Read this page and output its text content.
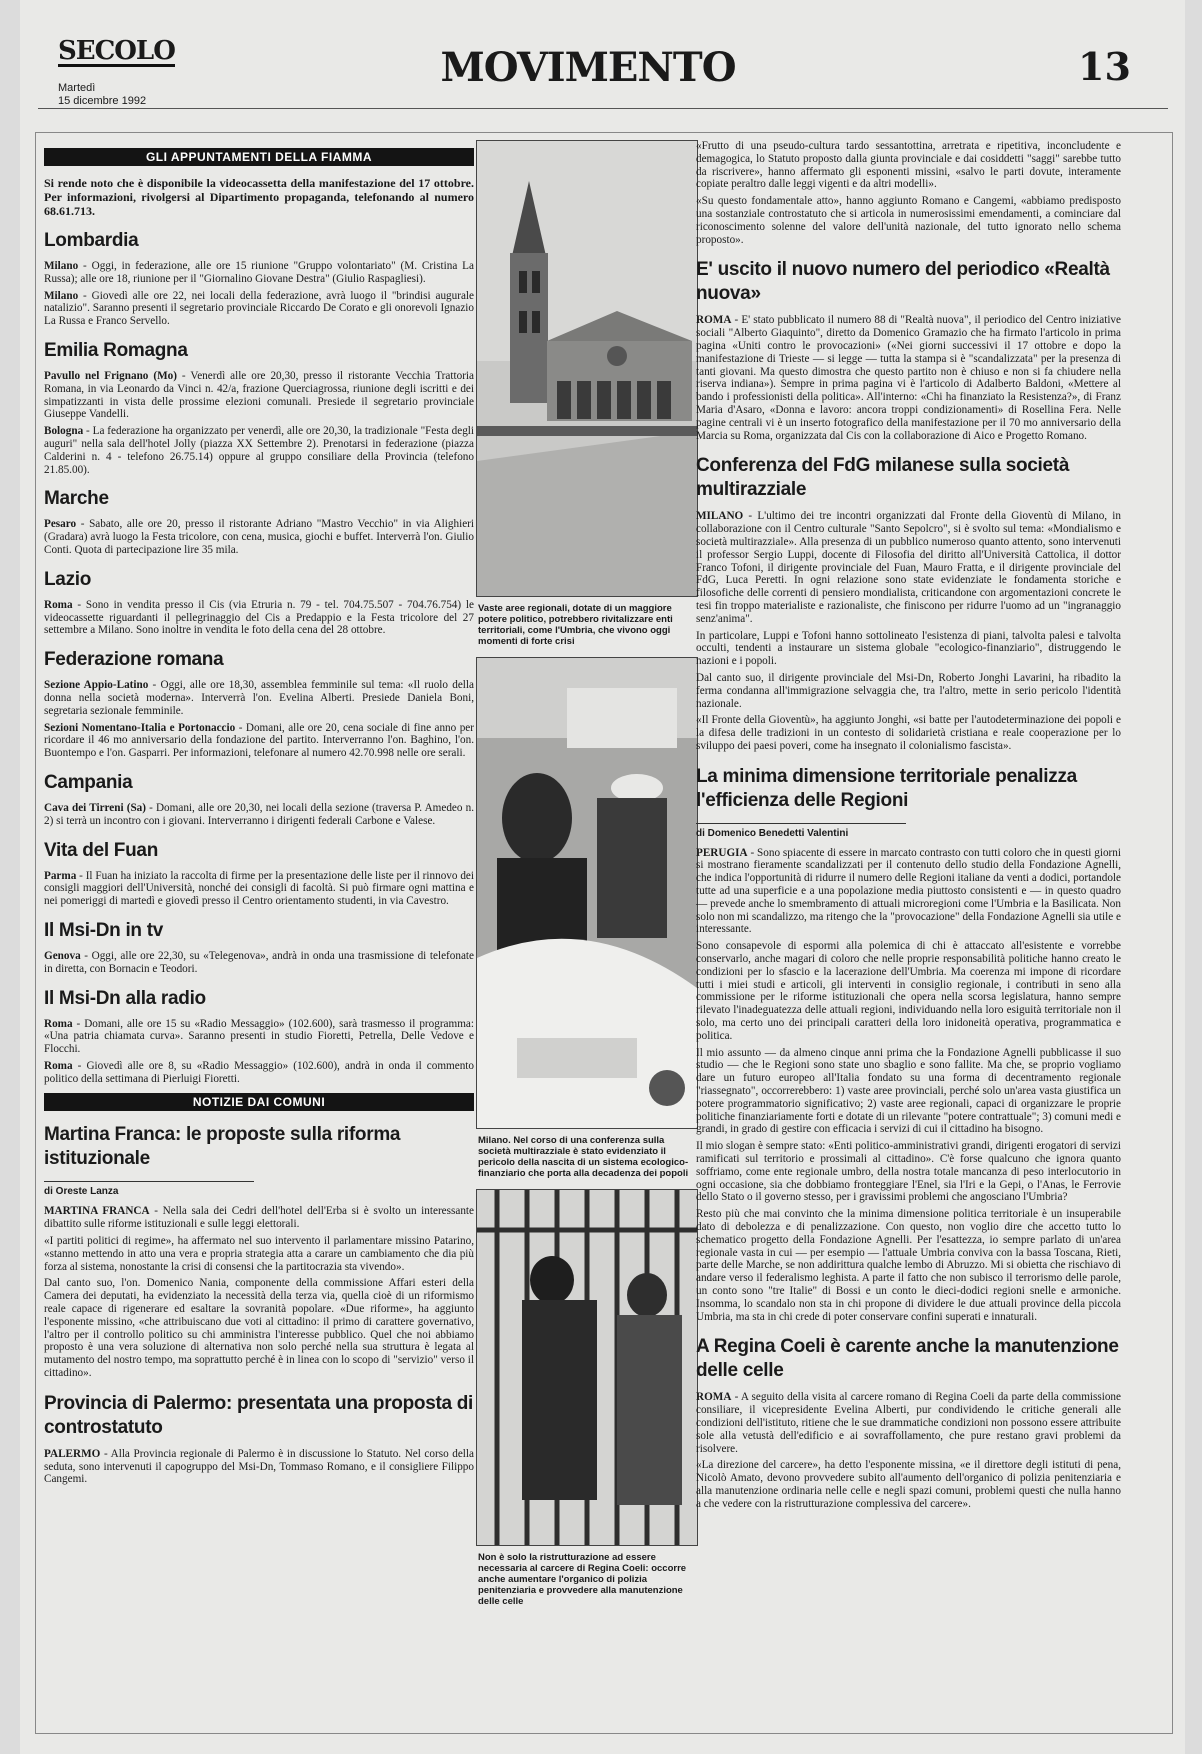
SECOLO
Martedì
15 dicembre 1992
MOVIMENTO	13
GLI APPUNTAMENTI DELLA FIAMMA

Si rende noto che è disponibile la videocassetta della manifestazione del 17 ottobre. Per informazioni, rivolgersi al Dipartimento propaganda, telefonando al numero 68.61.713.

Lombardia

Milano - Oggi, in federazione, alle ore 15 riunione "Gruppo volontariato" (M. Cristina La Russa); alle ore 18, riunione per il "Giornalino Giovane Destra" (Giulio Raspagliesi).

Milano - Giovedì alle ore 22, nei locali della federazione, avrà luogo il "brindisi augurale natalizio". Saranno presenti il segretario provinciale Riccardo De Corato e gli onorevoli Ignazio La Russa e Franco Servello.

Emilia Romagna

Pavullo nel Frignano (Mo) - Venerdì alle ore 20,30, presso il ristorante Vecchia Trattoria Romana, in via Leonardo da Vinci n. 42/a, frazione Querciagrossa, riunione degli iscritti e dei simpatizzanti in vista delle prossime elezioni comunali. Presiede il segretario provinciale Giuseppe Vandelli.

Bologna - La federazione ha organizzato per venerdì, alle ore 20,30, la tradizionale "Festa degli auguri" nella sala dell'hotel Jolly (piazza XX Settembre 2). Prenotarsi in federazione (piazza Calderini n. 4 - telefono 26.75.14) oppure al gruppo consiliare della Provincia (telefono 21.85.00).

Marche

Pesaro - Sabato, alle ore 20, presso il ristorante Adriano "Mastro Vecchio" in via Alighieri (Gradara) avrà luogo la Festa tricolore, con cena, musica, giochi e buffet. Interverrà l'on. Giulio Conti. Quota di partecipazione lire 35 mila.

Lazio

Roma - Sono in vendita presso il Cis (via Etruria n. 79 - tel. 704.75.507 - 704.76.754) le videocassette riguardanti il pellegrinaggio del Cis a Predappio e la Festa tricolore del 27 settembre a Milano. Sono inoltre in vendita le foto della cena del 28 ottobre.

Federazione romana

Sezione Appio-Latino - Oggi, alle ore 18,30, assemblea femminile sul tema: «Il ruolo della donna nella società moderna». Interverrà l'on. Evelina Alberti. Presiede Daniela Boni, segretaria sezionale femminile.

Sezioni Nomentano-Italia e Portonaccio - Domani, alle ore 20, cena sociale di fine anno per ricordare il 46 mo anniversario della fondazione del partito. Interverranno l'on. Baghino, l'on. Buontempo e l'on. Gasparri. Per informazioni, telefonare al numero 42.70.998 nelle ore serali.

Campania

Cava dei Tirreni (Sa) - Domani, alle ore 20,30, nei locali della sezione (traversa P. Amedeo n. 2) si terrà un incontro con i giovani. Interverranno i dirigenti federali Carbone e Valese.

Vita del Fuan

Parma - Il Fuan ha iniziato la raccolta di firme per la presentazione delle liste per il rinnovo dei consigli maggiori dell'Università, nonché dei consigli di facoltà. Si può firmare ogni mattina e nei pomeriggi di martedì e giovedì presso il Centro orientamento studenti, in via Cavestro.

Il Msi-Dn in tv

Genova - Oggi, alle ore 22,30, su «Telegenova», andrà in onda una trasmissione di telefonate in diretta, con Bornacin e Teodori.

Il Msi-Dn alla radio

Roma - Domani, alle ore 15 su «Radio Messaggio» (102.600), sarà trasmesso il programma: «Una patria chiamata curva». Saranno presenti in studio Fioretti, Petrella, Delle Vedove e Flocchi.

Roma - Giovedì alle ore 8, su «Radio Messaggio» (102.600), andrà in onda il commento politico della settimana di Pierluigi Fioretti.

NOTIZIE DAI COMUNI
Martina Franca: le proposte sulla riforma istituzionale
di Oreste Lanza

MARTINA FRANCA - Nella sala dei Cedri dell'hotel dell'Erba si è svolto un interessante dibattito sulle riforme istituzionali e sulle leggi elettorali.

«I partiti politici di regime», ha affermato nel suo intervento il parlamentare missino Patarino, «stanno mettendo in atto una vera e propria strategia atta a carare un cambiamento che dia più forza al sistema, nonostante la crisi di consensi che la partitocrazia sta vivendo».

Dal canto suo, l'on. Domenico Nania, componente della commissione Affari esteri della Camera dei deputati, ha evidenziato la necessità della terza via, quella cioè di un riformismo reale capace di rigenerare ed esaltare la sovranità popolare. «Due riforme», ha aggiunto l'esponente missino, «che attribuiscano due voti al cittadino: il primo di carattere governativo, l'altro per il controllo politico su chi amministra l'interesse pubblico. Quel che noi abbiamo proposto è una vera soluzione di alternativa non solo perché nella sua struttura è legata al mutamento del nostro tempo, ma soprattutto perché è in linea con lo scopo di "servizio" verso il cittadino».

Provincia di Palermo: presentata una proposta di controstatuto

PALERMO - Alla Provincia regionale di Palermo è in discussione lo Statuto. Nel corso della seduta, sono intervenuti il capogruppo del Msi-Dn, Tommaso Romano, e il consigliere Filippo Cangemi.

Vaste aree regionali, dotate di un maggiore potere politico, potrebbero rivitalizzare enti territoriali, come l'Umbria, che vivono oggi momenti di forte crisi
Milano. Nel corso di una conferenza sulla società multirazziale è stato evidenziato il pericolo della nascita di un sistema ecologico-finanziario che porta alla decadenza dei popoli
Non è solo la ristrutturazione ad essere necessaria al carcere di Regina Coeli: occorre anche aumentare l'organico di polizia penitenziaria e provvedere alla manutenzione delle celle

«Frutto di una pseudo-cultura tardo sessantottina, arretrata e ripetitiva, inconcludente e demagogica, lo Statuto proposto dalla giunta provinciale e dai cosiddetti "saggi" sarebbe tutto da riscrivere», hanno affermato gli esponenti missini, «salvo le parti dovute, interamente copiate peraltro dalle leggi vigenti e da altri modelli».

«Su questo fondamentale atto», hanno aggiunto Romano e Cangemi, «abbiamo predisposto una sostanziale controstatuto che si articola in numerosissimi emendamenti, a cominciare dal riconoscimento solenne del valore dell'unità nazionale, del tutto ignorato nello schema proposto».

E' uscito il nuovo numero del periodico «Realtà nuova»

ROMA - E' stato pubblicato il numero 88 di "Realtà nuova", il periodico del Centro iniziative sociali "Alberto Giaquinto", diretto da Domenico Gramazio che ha firmato l'articolo in prima pagina «Uniti contro le provocazioni» («Nei giorni successivi il 17 ottobre e dopo la manifestazione di Trieste — si legge — tutta la stampa si è "scandalizzata" per la presenza di tanti giovani. Ma questo dimostra che questo partito non è chiuso e non si fa chiudere nella riserva indiana»). Sempre in prima pagina vi è l'articolo di Adalberto Baldoni, «Mettere al bando i professionisti della politica». All'interno: «Chi ha finanziato la Resistenza?», di Franz Maria d'Asaro, «Donna e lavoro: ancora troppi condizionamenti» di Rosellina Fera. Nelle pagine centrali vi è un inserto fotografico della manifestazione per il 70 mo anniversario della Marcia su Roma, organizzata dal Cis con la collaborazione di Aico e Progetto Romano.

Conferenza del FdG milanese sulla società multirazziale

MILANO - L'ultimo dei tre incontri organizzati dal Fronte della Gioventù di Milano, in collaborazione con il Centro culturale "Santo Sepolcro", si è svolto sul tema: «Mondialismo e società multirazziale». Alla presenza di un pubblico numeroso quanto attento, sono intervenuti il professor Sergio Luppi, docente di Filosofia del diritto all'Università Cattolica, il dottor Franco Tofoni, il dirigente provinciale del Fuan, Mauro Fratta, e il dirigente provinciale del FdG, Luca Peretti. In ogni relazione sono state evidenziate le fondamenta storiche e filosofiche delle correnti di pensiero mondialista, criticandone con argomentazioni concrete le tesi fin troppo materialiste e razionaliste, che finiscono per ridurre l'uomo ad un "ingranaggio senz'anima".

In particolare, Luppi e Tofoni hanno sottolineato l'esistenza di piani, talvolta palesi e talvolta occulti, tendenti a instaurare un sistema globale "ecologico-finanziario", distruggendo le nazioni e i popoli.

Dal canto suo, il dirigente provinciale del Msi-Dn, Roberto Jonghi Lavarini, ha ribadito la ferma condanna all'immigrazione selvaggia che, tra l'altro, mette in serio pericolo l'identità nazionale.

«Il Fronte della Gioventù», ha aggiunto Jonghi, «si batte per l'autodeterminazione dei popoli e la difesa delle tradizioni in un contesto di solidarietà cristiana e reale cooperazione per lo sviluppo dei paesi poveri, come ha insegnato il colonialismo fascista».

La minima dimensione territoriale penalizza l'efficienza delle Regioni
di Domenico Benedetti Valentini

PERUGIA - Sono spiacente di essere in marcato contrasto con tutti coloro che in questi giorni si mostrano fieramente scandalizzati per il contenuto dello studio della Fondazione Agnelli, che indica l'opportunità di ridurre il numero delle Regioni italiane da venti a dodici, portandole tutte ad una superficie e a una popolazione media piuttosto consistenti e — in questo quadro — prevede anche lo smembramento di attuali microregioni come l'Umbria e la Basilicata. Non solo non mi scandalizzo, ma ritengo che la "provocazione" della Fondazione Agnelli sia utile e interessante.

Sono consapevole di espormi alla polemica di chi è attaccato all'esistente e vorrebbe conservarlo, anche magari di coloro che nelle proprie responsabilità politiche hanno creato le condizioni per lo sfascio e la lacerazione dell'Umbria. Ma coerenza mi impone di ricordare tutti i miei studi e articoli, gli interventi in consiglio regionale, i contributi in seno alla commissione per le riforme istituzionali che opera nella scorsa legislatura, hanno sempre rilevato l'inadeguatezza delle attuali regioni, individuando nella loro esiguità territoriale non il solo, ma certo uno dei principali caratteri della loro inidoneità operativa, programmatica e politica.

Il mio assunto — da almeno cinque anni prima che la Fondazione Agnelli pubblicasse il suo studio — che le Regioni sono state uno sbaglio e sono fallite. Ma che, se proprio vogliamo dare un futuro europeo all'Italia fondato su una forma di decentramento regionale "riassegnato", occorrerebbero: 1) vaste aree provinciali, perché solo un'area vasta giustifica un potere programmatorio significativo; 2) vaste aree regionali, capaci di organizzare le proprie politiche finanziariamente forti e dotate di un rilevante "potere contrattuale"; 3) comuni medi e grandi, in grado di gestire con efficacia i servizi di cui il cittadino ha bisogno.

Il mio slogan è sempre stato: «Enti politico-amministrativi grandi, dirigenti erogatori di servizi ramificati sul territorio e prossimali al cittadino». C'è forse qualcuno che ignora quanto soffriamo, come ente regionale umbro, della nostra totale mancanza di peso interlocutorio in ogni occasione, sia che dobbiamo fronteggiare l'Enel, sia l'Iri e la Gepi, o l'Anas, le Ferrovie dello Stato o il governo stesso, per i gravissimi problemi che angosciano l'Umbria?

Resto più che mai convinto che la minima dimensione politica territoriale è un insuperabile dato di debolezza e di penalizzazione. Con questo, non voglio dire che accetto tutto lo schematico progetto della Fondazione Agnelli. Per l'esattezza, io sempre parlato di un'area regionale vasta in cui — per esempio — l'attuale Umbria conviva con la bassa Toscana, Rieti, parte delle Marche, se non addirittura qualche lembo di Abruzzo. Mi si obietta che rischiavo di andare verso il federalismo leghista. A parte il fatto che non subisco il terrorismo delle parole, un conto sono "tre Italie" di Bossi e un conto le dieci-dodici regioni snelle e armoniche. Insomma, lo scandalo non sta in chi propone di dividere le due attuali province della piccola Umbria, ma sta in chi crede di poter conservare confini superati e innaturali.

A Regina Coeli è carente anche la manutenzione delle celle

ROMA - A seguito della visita al carcere romano di Regina Coeli da parte della commissione consiliare, il vicepresidente Evelina Alberti, pur condividendo le critiche generali alle condizioni dell'istituto, ritiene che le sue drammatiche condizioni non possono essere attribuite sole alla vetustà dell'edificio e ai sovraffollamento, che pure restano gravi problemi da risolvere.

«La direzione del carcere», ha detto l'esponente missina, «e il direttore degli istituti di pena, Nicolò Amato, devono provvedere subito all'aumento dell'organico di polizia penitenziaria e alla manutenzione ordinaria nelle celle e negli spazi comuni, problemi questi che nulla hanno a che vedere con la ristrutturazione complessiva del carcere».
